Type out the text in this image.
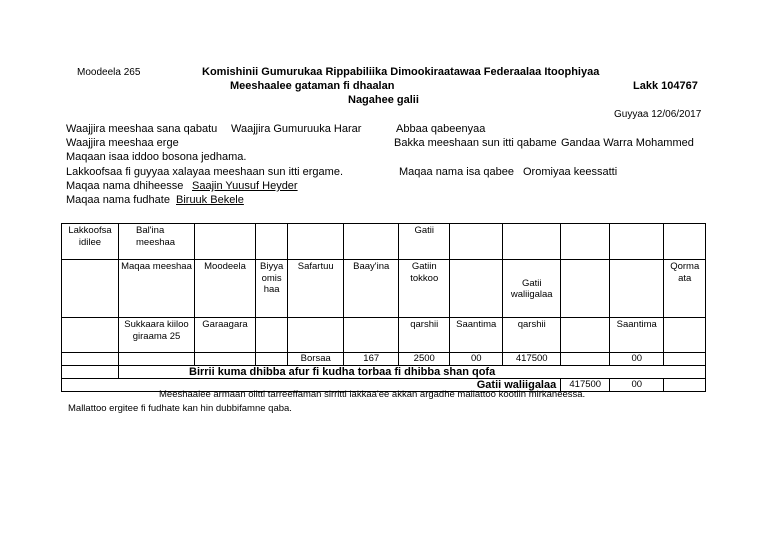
Moodeela 265	Komishinii Gumurukaa Rippabiliika Dimookiraatawaa Federaalaa Itoophiyaa
Meeshaalee gataman fi dhaalan	Lakk 104767
Nagahee galii
Guyyaa 12/06/2017
Waajjira meeshaa sana qabatu Waajjira Gumuruuka Harar	Abbaa qabeenyaa
Waajjira meeshaa erge	Bakka meeshaan sun itti qabame Gandaa Warra Mohammed
Maqaan isaa iddoo bosona jedhama.
Lakkoofsaa fi guyyaa xalayaa meeshaan sun itti ergame.	Maqaa nama isa qabee Oromiyaa keessatti
Maqaa nama dhiheesse Saajin Yuusuf Heyder
Maqaa nama fudhate Biruuk Bekele
Lakkoofsa idilee	Bal'ina meeshaa					Gatii					
	Maqaa meeshaa	Moodeela	Biyya omis haa	Safartuu	Baay'ina	Gatiin tokkoo		Gatii waliigalaa			Qorma ata
	Sukkaara kiiloo giraama 25	Garaagara				qarshii	Saantima	qarshii		Saantima	
				Borsaa	167	2500	00	417500		00	
	Birrii kuma dhibba afur fi kudha torbaa fi dhibba shan qofa										
Gatii waliigalaa									417500	00	
Meeshaalee armaan olitti tarreeffaman sirritti lakkaa'ee akkan argadhe mallattoo kootiin mirkaneessa.
Mallattoo ergitee fi fudhate kan hin dubbifamne qaba.
